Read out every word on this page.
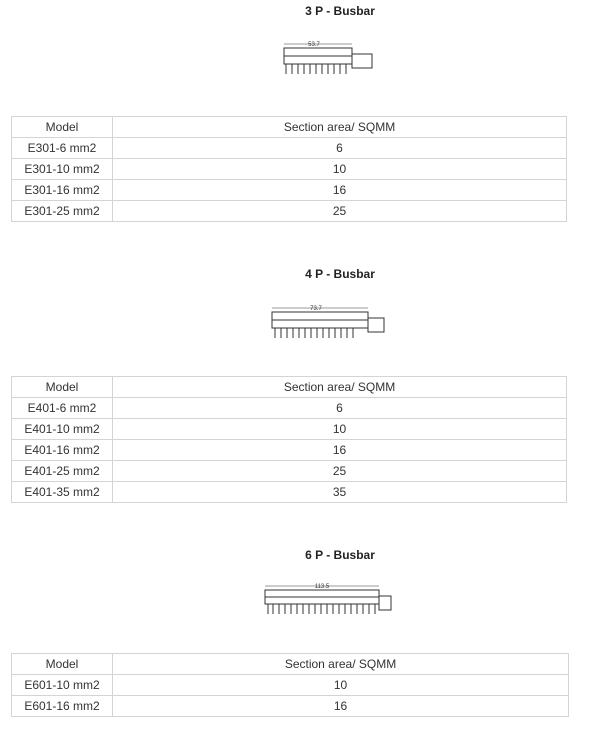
3 P - Busbar
53.7
Model	Section area/ SQMM
E301-6 mm2	6
E301-10 mm2	10
E301-16 mm2	16
E301-25 mm2	25
4 P - Busbar
73.7
Model	Section area/ SQMM
E401-6 mm2	6
E401-10 mm2	10
E401-16 mm2	16
E401-25 mm2	25
E401-35 mm2	35
6 P - Busbar
113.5
Model	Section area/ SQMM
E601-10 mm2	10
E601-16 mm2	16
